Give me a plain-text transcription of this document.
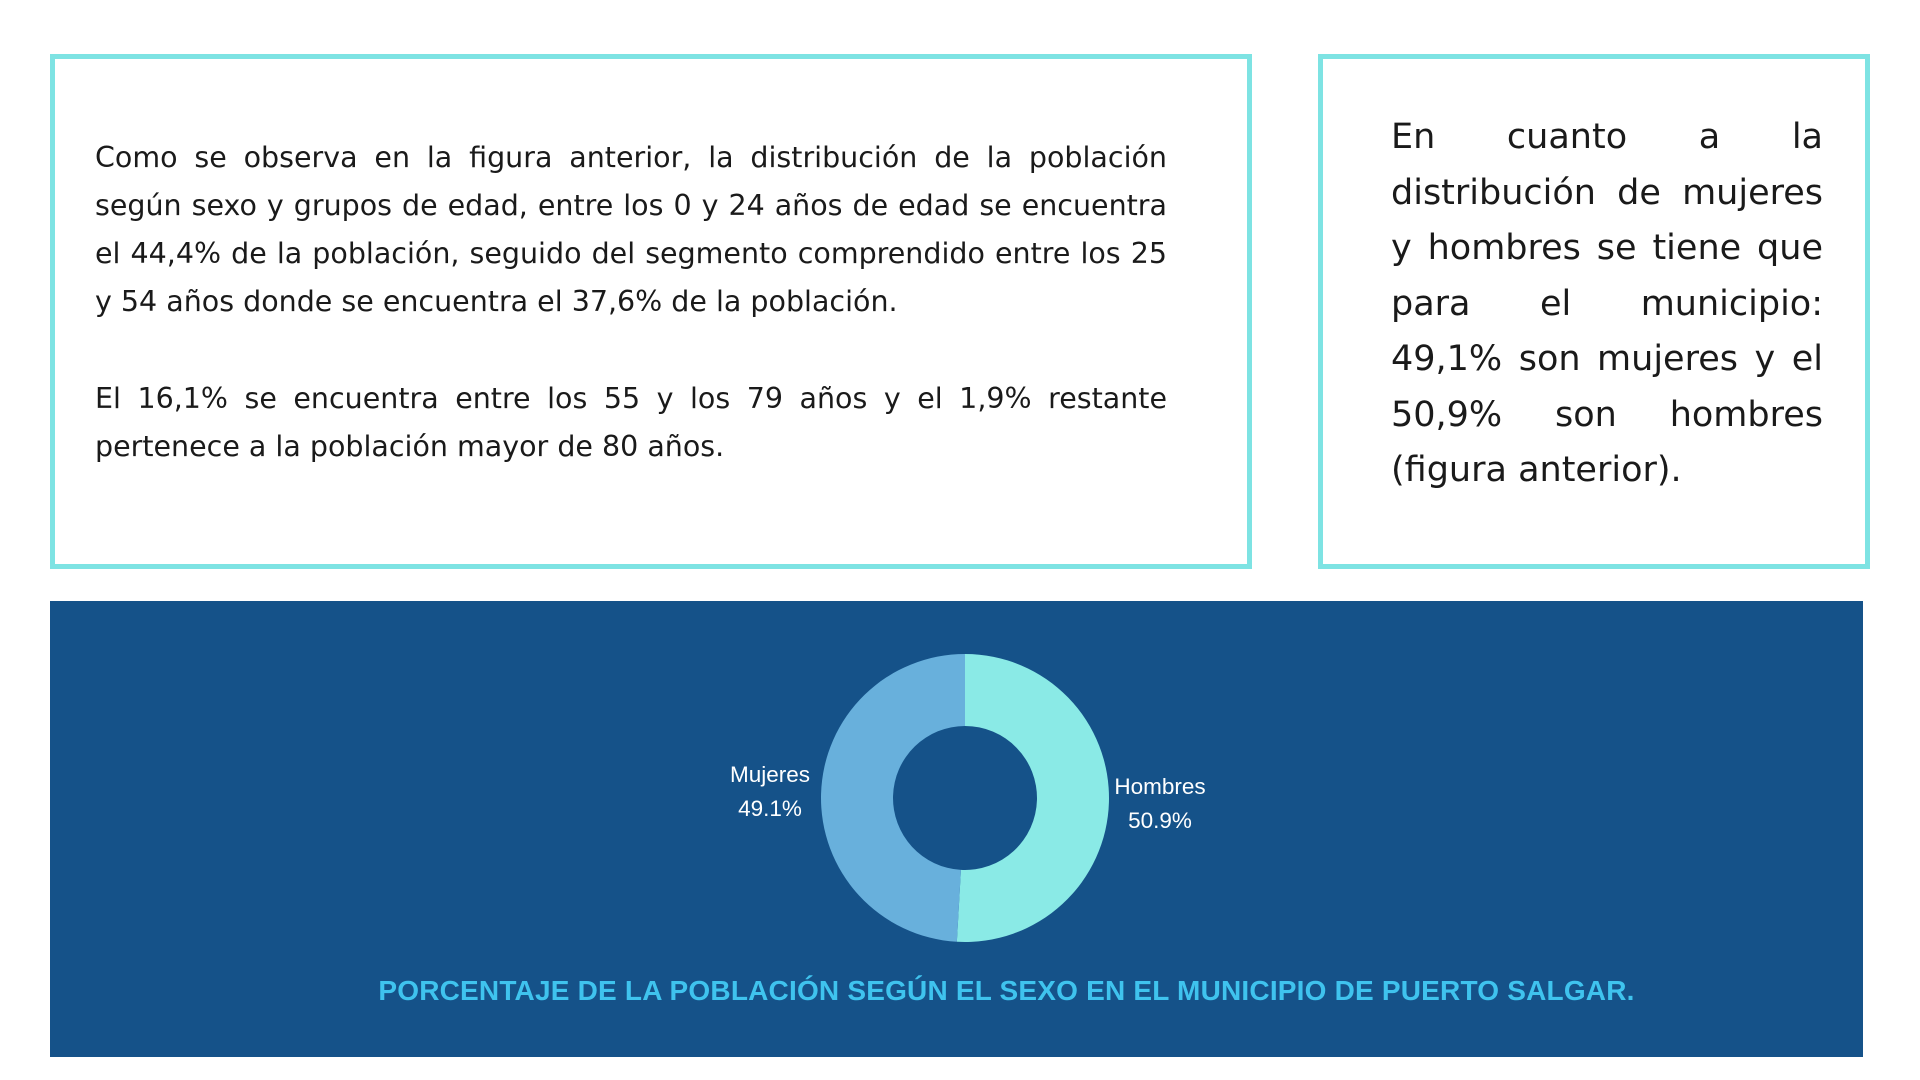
Como se observa en la figura anterior, la distribución de la población según sexo y grupos de edad, entre los 0 y 24 años de edad se encuentra el 44,4% de la población, seguido del segmento comprendido entre los 25 y 54 años donde se encuentra el 37,6% de la población.

El 16,1% se encuentra entre los 55 y los 79 años y el 1,9% restante pertenece a la población mayor de 80 años.

En cuanto a la distribución de mujeres y hombres se tiene que para el municipio: 49,1% son mujeres y el 50,9% son hombres (figura anterior).

Hombres
50.9%
Mujeres
49.1%
PORCENTAJE DE LA POBLACIÓN SEGÚN EL SEXO EN EL MUNICIPIO DE PUERTO SALGAR.
